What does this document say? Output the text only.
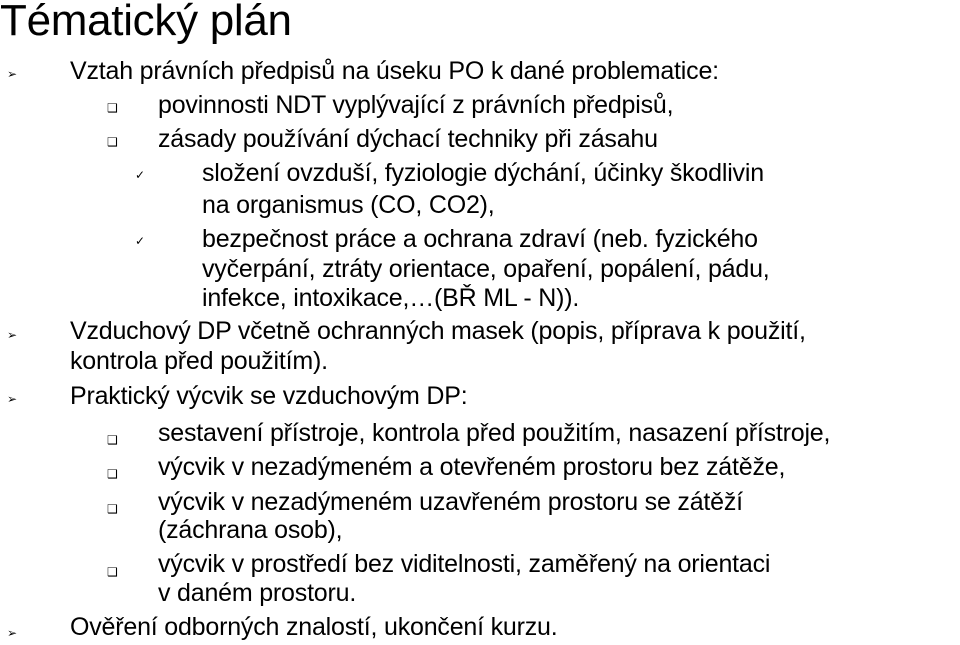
Tématický plán
➢ Vztah právních předpisů na úseku PO k dané problematice:
❑ povinnosti NDT vyplývající z právních předpisů,
❑ zásady používání dýchací techniky při zásahu
✓ složení ovzduší, fyziologie dýchání, účinky škodlivin
na organismus (CO, CO2),
✓ bezpečnost práce a ochrana zdraví (neb. fyzického
vyčerpání, ztráty orientace, opaření, popálení, pádu,
infekce, intoxikace,…(BŘ ML - N)).
➢ Vzduchový DP včetně ochranných masek (popis, příprava k použití,
kontrola před použitím).
➢ Praktický výcvik se vzduchovým DP:
❑ sestavení přístroje, kontrola před použitím, nasazení přístroje,
❑ výcvik v nezadýmeném a otevřeném prostoru bez zátěže,
❑ výcvik v nezadýmeném uzavřeném prostoru se zátěží
(záchrana osob),
❑ výcvik v prostředí bez viditelnosti, zaměřený na orientaci
v daném prostoru.
➢ Ověření odborných znalostí, ukončení kurzu.
